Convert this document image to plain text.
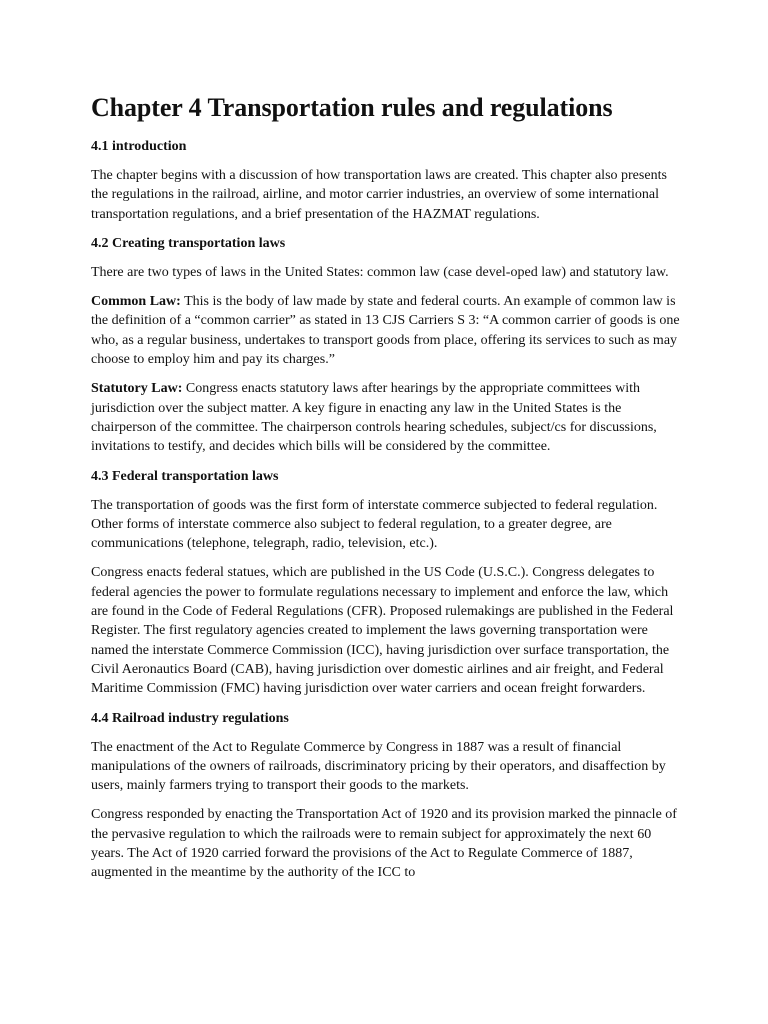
Chapter 4 Transportation rules and regulations
4.1 introduction

The chapter begins with a discussion of how transportation laws are created. This chapter also presents the regulations in the railroad, airline, and motor carrier industries, an overview of some international transportation regulations, and a brief presentation of the HAZMAT regulations.

4.2 Creating transportation laws

There are two types of laws in the United States: common law (case devel-oped law) and statutory law.

Common Law: This is the body of law made by state and federal courts. An example of common law is the definition of a “common carrier” as stated in 13 CJS Carriers S 3: “A common carrier of goods is one who, as a regular business, undertakes to transport goods from place, offering its services to such as may choose to employ him and pay its charges.”

Statutory Law: Congress enacts statutory laws after hearings by the appropriate committees with jurisdiction over the subject matter. A key figure in enacting any law in the United States is the chairperson of the committee. The chairperson controls hearing schedules, subject/cs for discussions, invitations to testify, and decides which bills will be considered by the committee.

4.3 Federal transportation laws

The transportation of goods was the first form of interstate commerce subjected to federal regulation. Other forms of interstate commerce also subject to federal regulation, to a greater degree, are communications (telephone, telegraph, radio, television, etc.).

Congress enacts federal statues, which are published in the US Code (U.S.C.). Congress delegates to federal agencies the power to formulate regulations necessary to implement and enforce the law, which are found in the Code of Federal Regulations (CFR). Proposed rulemakings are published in the Federal Register. The first regulatory agencies created to implement the laws governing transportation were named the interstate Commerce Commission (ICC), having jurisdiction over surface transportation, the Civil Aeronautics Board (CAB), having jurisdiction over domestic airlines and air freight, and Federal Maritime Commission (FMC) having jurisdiction over water carriers and ocean freight forwarders.

4.4 Railroad industry regulations

The enactment of the Act to Regulate Commerce by Congress in 1887 was a result of financial manipulations of the owners of railroads, discriminatory pricing by their operators, and disaffection by users, mainly farmers trying to transport their goods to the markets.

Congress responded by enacting the Transportation Act of 1920 and its provision marked the pinnacle of the pervasive regulation to which the railroads were to remain subject for approximately the next 60 years. The Act of 1920 carried forward the provisions of the Act to Regulate Commerce of 1887, augmented in the meantime by the authority of the ICC to
